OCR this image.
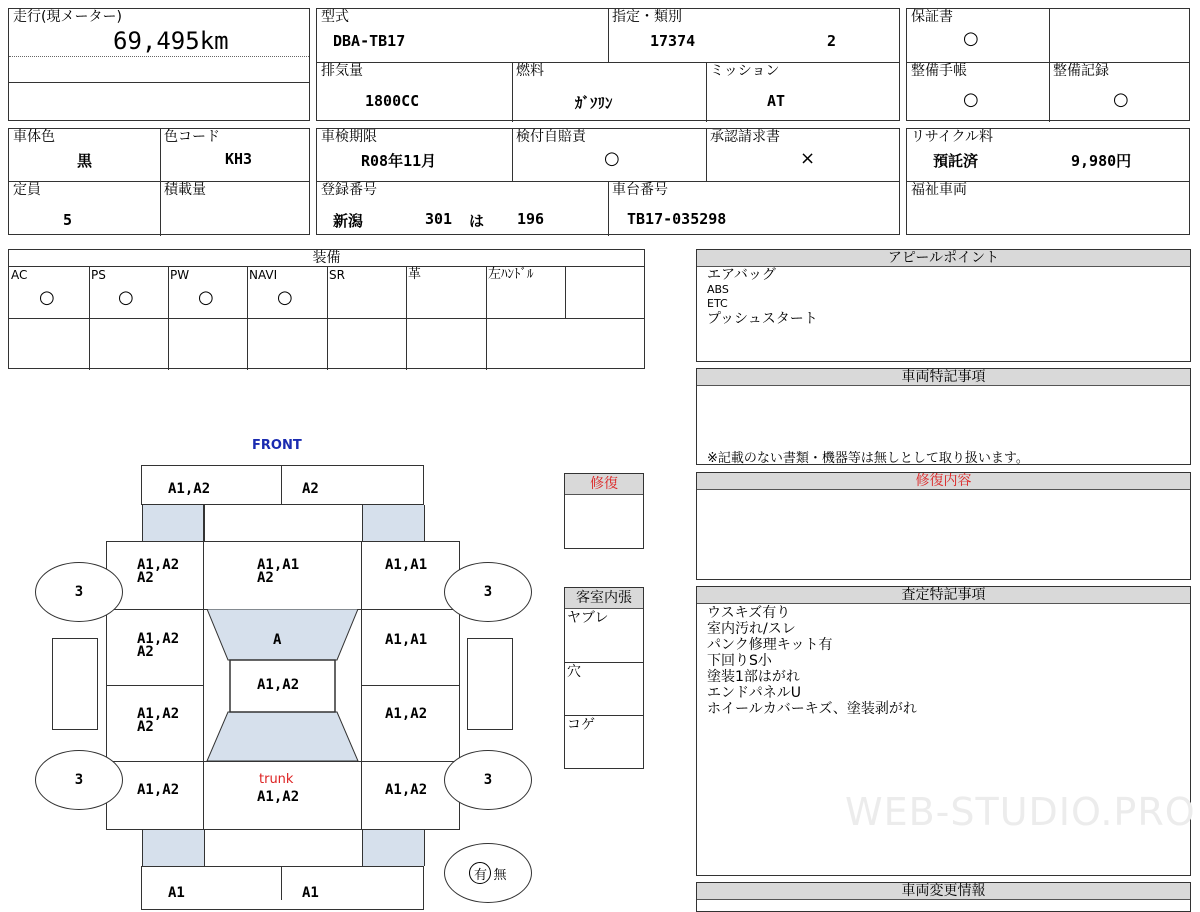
走行(現メーター)
69,495km
型式
DBA-TB17
指定・類別
17374	2
排気量
1800CC
燃料
ｶﾞｿﾘﾝ
ミッション
AT
保証書
○
整備手帳
○
整備記録
○
車体色
黒
色コード
KH3
定員
5
積載量
車検期限
R08年11月
検付自賠責
○
承認請求書
×
登録番号
新潟	301 は 196
車台番号
TB17-035298
リサイクル料
預託済	9,980円
福祉車両
装備
AC
○
PS
○
PW
○
NAVI
○
SR	革	左ﾊﾝﾄﾞﾙ
アピールポイント
エアバッグ
ABS
ETC
プッシュスタート
車両特記事項
※記載のない書類・機器等は無しとして取り扱います。
修復内容
査定特記事項
ウスキズ有り
室内汚れ/スレ
パンク修理キット有
下回りS小
塗装1部はがれ
エンドパネルU
ホイールカバーキズ、塗装剥がれ
車両変更情報
修復
客室内張
ヤブレ
穴
コゲ
FRONT
A1,A2	A2
A1,A2
A2
A1,A1
A2
A1,A1
A1,A2
A2
A	A1,A1
A1,A2
A1,A2
A2
A1,A2
A1,A2
trunk
A1,A2	A1,A2
3	3
3	3
A1	A1
有 無
WEB-STUDIO.PRO
